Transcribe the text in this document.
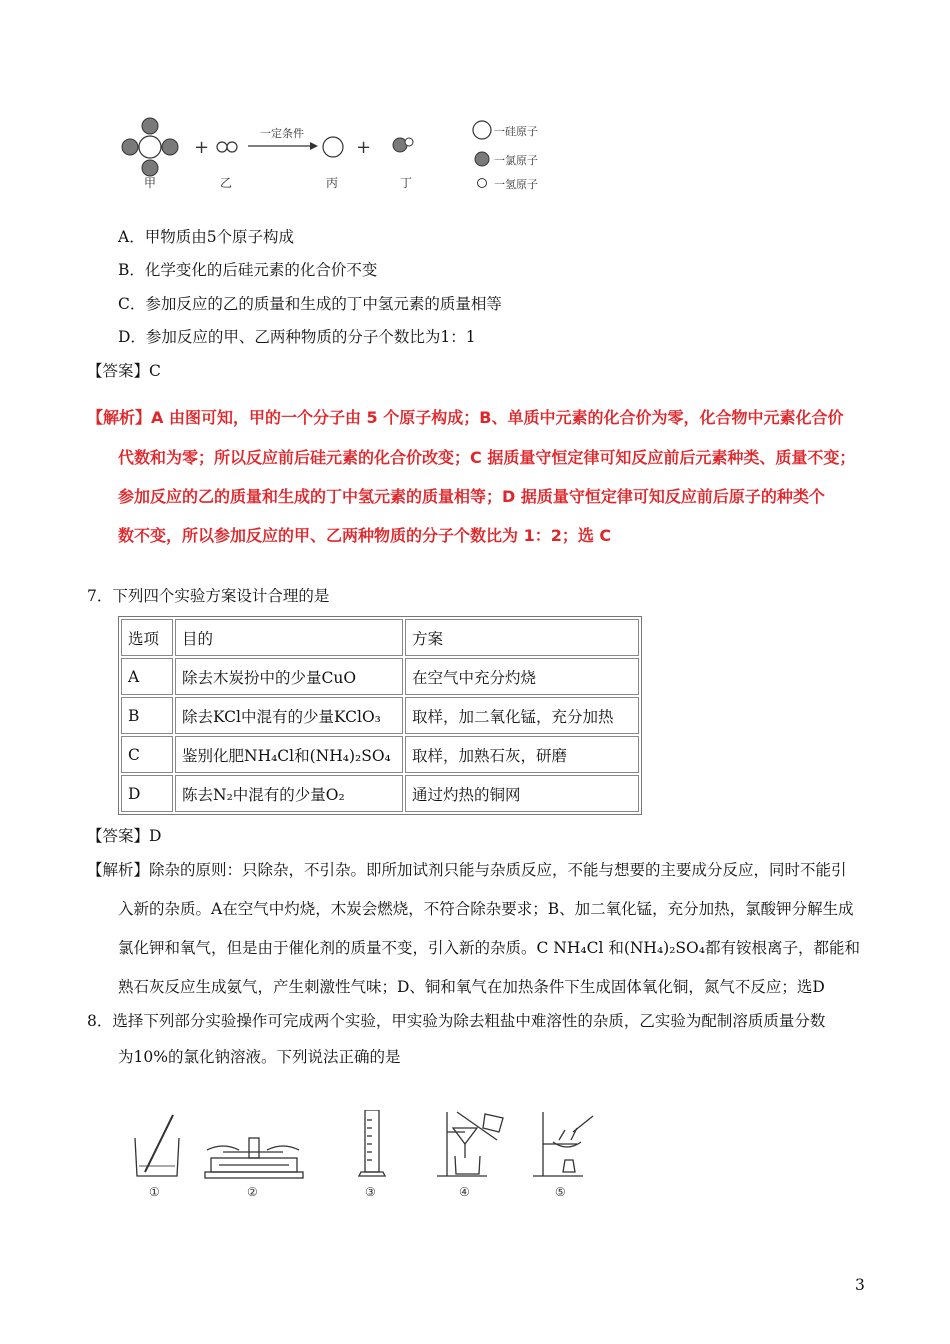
+
一定条件
+
甲	乙	丙	丁
一硅原子
一氯原子
一氢原子
A．甲物质由5个原子构成
B．化学变化的后硅元素的化合价不变
C．参加反应的乙的质量和生成的丁中氢元素的质量相等
D．参加反应的甲、乙两种物质的分子个数比为1：1
【答案】C
【解析】A 由图可知，甲的一个分子由 5 个原子构成；B、单质中元素的化合价为零，化合物中元素化合价
代数和为零；所以反应前后硅元素的化合价改变；C 据质量守恒定律可知反应前后元素种类、质量不变；
参加反应的乙的质量和生成的丁中氢元素的质量相等；D 据质量守恒定律可知反应前后原子的种类个
数不变，所以参加反应的甲、乙两种物质的分子个数比为 1：2；选 C
7．下列四个实验方案设计合理的是
选项	目的	方案
A	除去木炭扮中的少量CuO	在空气中充分灼烧
B	除去KCl中混有的少量KClO₃	取样，加二氧化锰，充分加热
C	鉴别化肥NH₄Cl和(NH₄)₂SO₄	取样，加熟石灰，研磨
D	陈去N₂中混有的少量O₂	通过灼热的铜网
【答案】D
【解析】除杂的原则：只除杂，不引杂。即所加试剂只能与杂质反应，不能与想要的主要成分反应，同时不能引
入新的杂质。A在空气中灼烧，木炭会燃烧，不符合除杂要求；B、加二氧化锰，充分加热，氯酸钾分解生成
氯化钾和氧气，但是由于催化剂的质量不变，引入新的杂质。C NH₄Cl 和(NH₄)₂SO₄都有铵根离子，都能和
熟石灰反应生成氨气，产生刺激性气味；D、铜和氧气在加热条件下生成固体氧化铜，氮气不反应；选D
8．选择下列部分实验操作可完成两个实验，甲实验为除去粗盐中难溶性的杂质，乙实验为配制溶质质量分数
为10%的氯化钠溶液。下列说法正确的是
①	②	③	④	⑤
3
